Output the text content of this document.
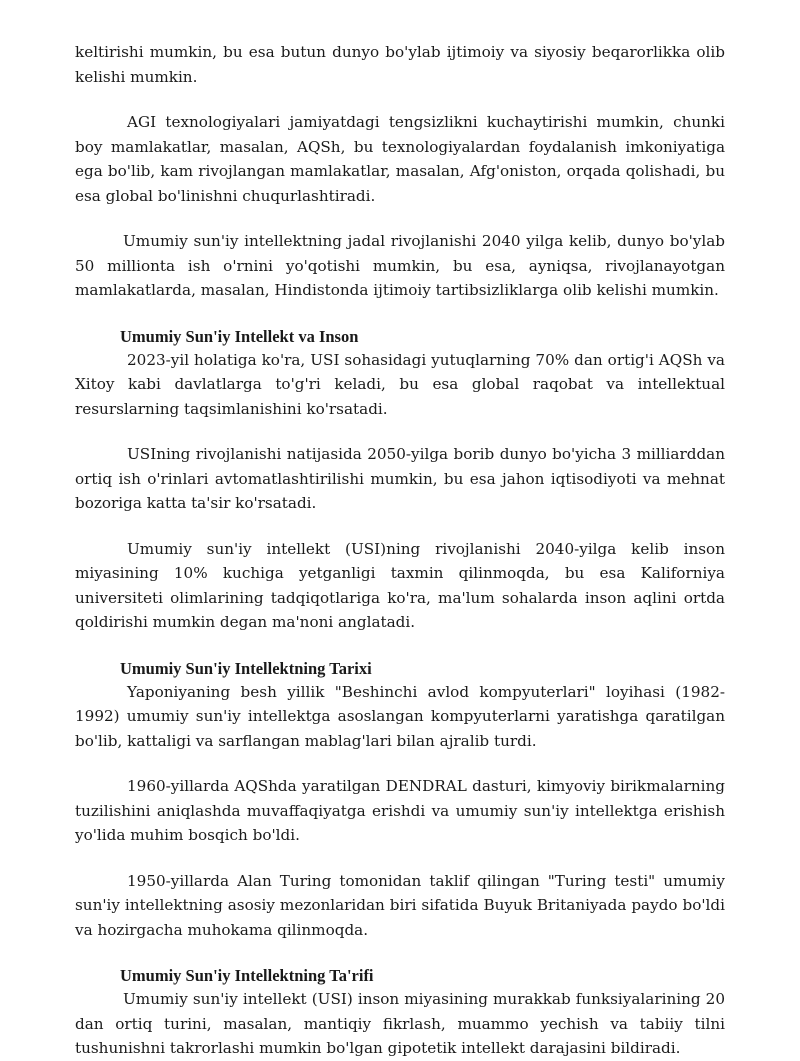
keltirishi mumkin, bu esa butun dunyo bo'ylab ijtimoiy va siyosiy beqarorlikka olib kelishi mumkin.

AGI texnologiyalari jamiyatdagi tengsizlikni kuchaytirishi mumkin, chunki boy mamlakatlar, masalan, AQSh, bu texnologiyalardan foydalanish imkoniyatiga ega bo'lib, kam rivojlangan mamlakatlar, masalan, Afg'oniston, orqada qolishadi, bu esa global bo'linishni chuqurlashtiradi.

Umumiy sun'iy intellektning jadal rivojlanishi 2040 yilga kelib, dunyo bo'ylab 50 millionta ish o'rnini yo'qotishi mumkin, bu esa, ayniqsa, rivojlanayotgan mamlakatlarda, masalan, Hindistonda ijtimoiy tartibsizliklarga olib kelishi mumkin.

Umumiy Sun'iy Intellekt va Inson

2023-yil holatiga ko'ra, USI sohasidagi yutuqlarning 70% dan ortig'i AQSh va Xitoy kabi davlatlarga to'g'ri keladi, bu esa global raqobat va intellektual resurslarning taqsimlanishini ko'rsatadi.

USIning rivojlanishi natijasida 2050-yilga borib dunyo bo'yicha 3 milliarddan ortiq ish o'rinlari avtomatlashtirilishi mumkin, bu esa jahon iqtisodiyoti va mehnat bozoriga katta ta'sir ko'rsatadi.

Umumiy sun'iy intellekt (USI)ning rivojlanishi 2040-yilga kelib inson miyasining 10% kuchiga yetganligi taxmin qilinmoqda, bu esa Kaliforniya universiteti olimlarining tadqiqotlariga ko'ra, ma'lum sohalarda inson aqlini ortda qoldirishi mumkin degan ma'noni anglatadi.

Umumiy Sun'iy Intellektning Tarixi

Yaponiyaning besh yillik "Beshinchi avlod kompyuterlari" loyihasi (1982-1992) umumiy sun'iy intellektga asoslangan kompyuterlarni yaratishga qaratilgan bo'lib, kattaligi va sarflangan mablag'lari bilan ajralib turdi.

1960-yillarda AQShda yaratilgan DENDRAL dasturi, kimyoviy birikmalarning tuzilishini aniqlashda muvaffaqiyatga erishdi va umumiy sun'iy intellektga erishish yo'lida muhim bosqich bo'ldi.

1950-yillarda Alan Turing tomonidan taklif qilingan "Turing testi" umumiy sun'iy intellektning asosiy mezonlaridan biri sifatida Buyuk Britaniyada paydo bo'ldi va hozirgacha muhokama qilinmoqda.

Umumiy Sun'iy Intellektning Ta'rifi

Umumiy sun'iy intellekt (USI) inson miyasining murakkab funksiyalarining 20 dan ortiq turini, masalan, mantiqiy fikrlash, muammo yechish va tabiiy tilni tushunishni takrorlashi mumkin bo'lgan gipotetik intellekt darajasini bildiradi.
